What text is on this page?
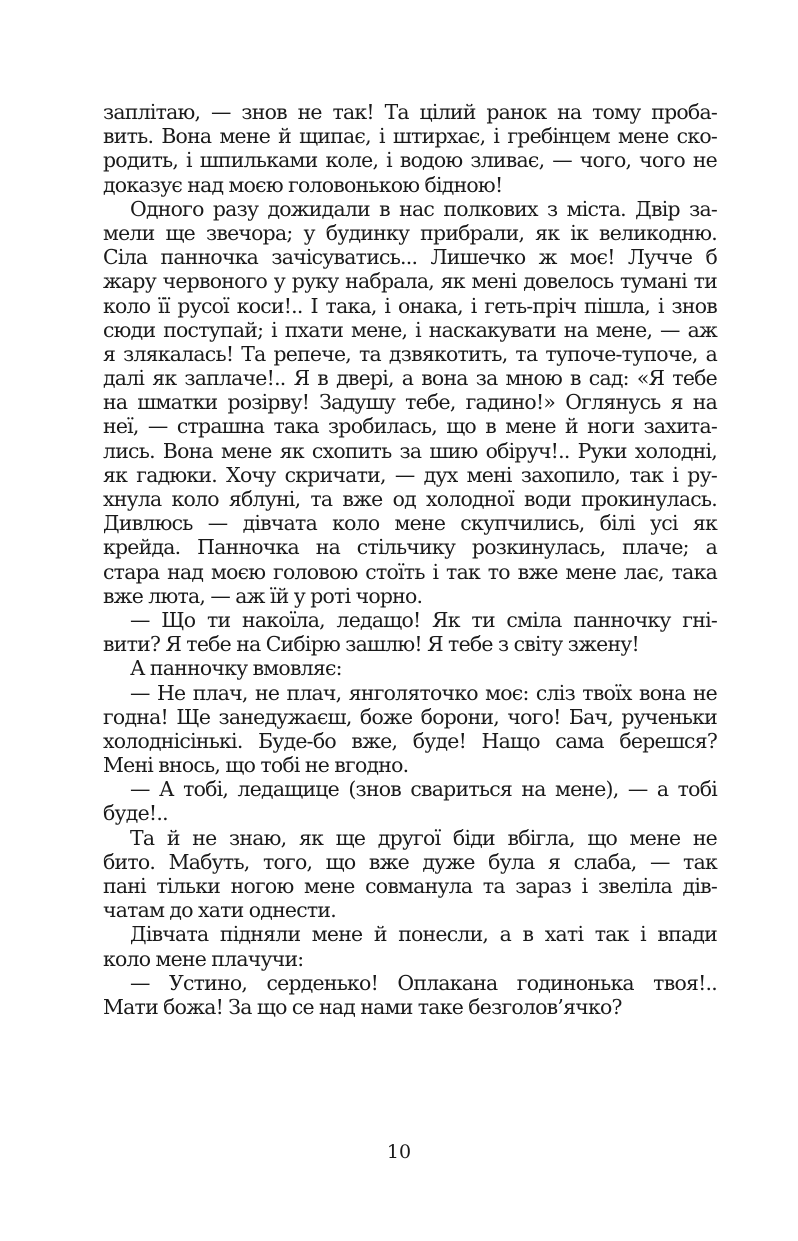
заплітаю, — знов не так! Та цілий ранок на тому проба-
вить. Вона мене й щипає, і штирхає, і гребінцем мене ско-
родить, і шпильками коле, і водою зливає, — чого, чого не
доказує над моєю головонькою бідною!
Одного разу дожидали в нас полкових з міста. Двір за-
мели ще звечора; у будинку прибрали, як ік великодню.
Сіла панночка зачісуватись... Лишечко ж моє! Лучче б
жару червоного у руку набрала, як мені довелось тумані ти
коло її русої коси!.. І така, і онака, і геть-пріч пішла, і знов
сюди поступай; і пхати мене, і наскакувати на мене, — аж
я злякалась! Та репече, та дзвякотить, та тупоче-тупоче, а
далі як заплаче!.. Я в двері, а вона за мною в сад: «Я тебе
на шматки розірву! Задушу тебе, гадино!» Оглянусь я на
неї, — страшна така зробилась, що в мене й ноги захита-
лись. Вона мене як схопить за шию обіруч!.. Руки холодні,
як гадюки. Хочу скричати, — дух мені захопило, так і ру-
хнула коло яблуні, та вже од холодної води прокинулась.
Дивлюсь — дівчата коло мене скупчились, білі усі як
крейда. Панночка на стільчику розкинулась, плаче; а
стара над моєю головою стоїть і так то вже мене лає, така
вже люта, — аж їй у роті чорно.
— Що ти накоїла, ледащо! Як ти сміла панночку гні-
вити? Я тебе на Сибірю зашлю! Я тебе з світу зжену!
А панночку вмовляє:
— Не плач, не плач, янголяточко моє: сліз твоїх вона не
годна! Ще занедужаєш, боже борони, чого! Бач, рученьки
холоднісінькі. Буде-бо вже, буде! Нащо сама берешся?
Мені внось, що тобі не вгодно.
— А тобі, ледащице (знов свариться на мене), — а тобі
буде!..
Та й не знаю, як ще другої біди вбігла, що мене не
бито. Мабуть, того, що вже дуже була я слаба, — так
пані тільки ногою мене совманула та зараз і звеліла дів-
чатам до хати однести.
Дівчата підняли мене й понесли, а в хаті так і впади
коло мене плачучи:
— Устино, серденько! Оплакана годинонька твоя!..
Мати божа! За що се над нами таке безголов’ячко?
10
